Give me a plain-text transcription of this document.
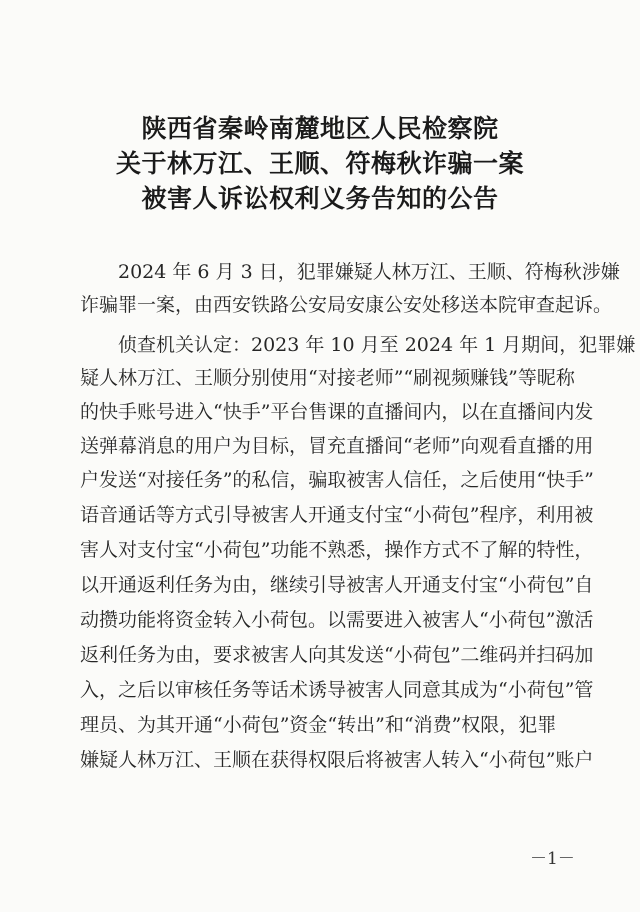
陕西省秦岭南麓地区人民检察院
关于林万江、王顺、符梅秋诈骗一案
被害人诉讼权利义务告知的公告
2024 年 6 月 3 日，犯罪嫌疑人林万江、王顺、符梅秋涉嫌
诈骗罪一案，由西安铁路公安局安康公安处移送本院审查起诉。
侦查机关认定：2023 年 10 月至 2024 年 1 月期间，犯罪嫌
疑人林万江、王顺分别使用“对接老师”“刷视频赚钱”等昵称
的快手账号进入“快手”平台售课的直播间内，以在直播间内发
送弹幕消息的用户为目标，冒充直播间“老师”向观看直播的用
户发送“对接任务”的私信，骗取被害人信任，之后使用“快手”
语音通话等方式引导被害人开通支付宝“小荷包”程序，利用被
害人对支付宝“小荷包”功能不熟悉，操作方式不了解的特性，
以开通返利任务为由，继续引导被害人开通支付宝“小荷包”自
动攒功能将资金转入小荷包。以需要进入被害人“小荷包”激活
返利任务为由，要求被害人向其发送“小荷包”二维码并扫码加
入，之后以审核任务等话术诱导被害人同意其成为“小荷包”管
理员、为其开通“小荷包”资金“转出”和“消费”权限，犯罪
嫌疑人林万江、王顺在获得权限后将被害人转入“小荷包”账户
－1－
